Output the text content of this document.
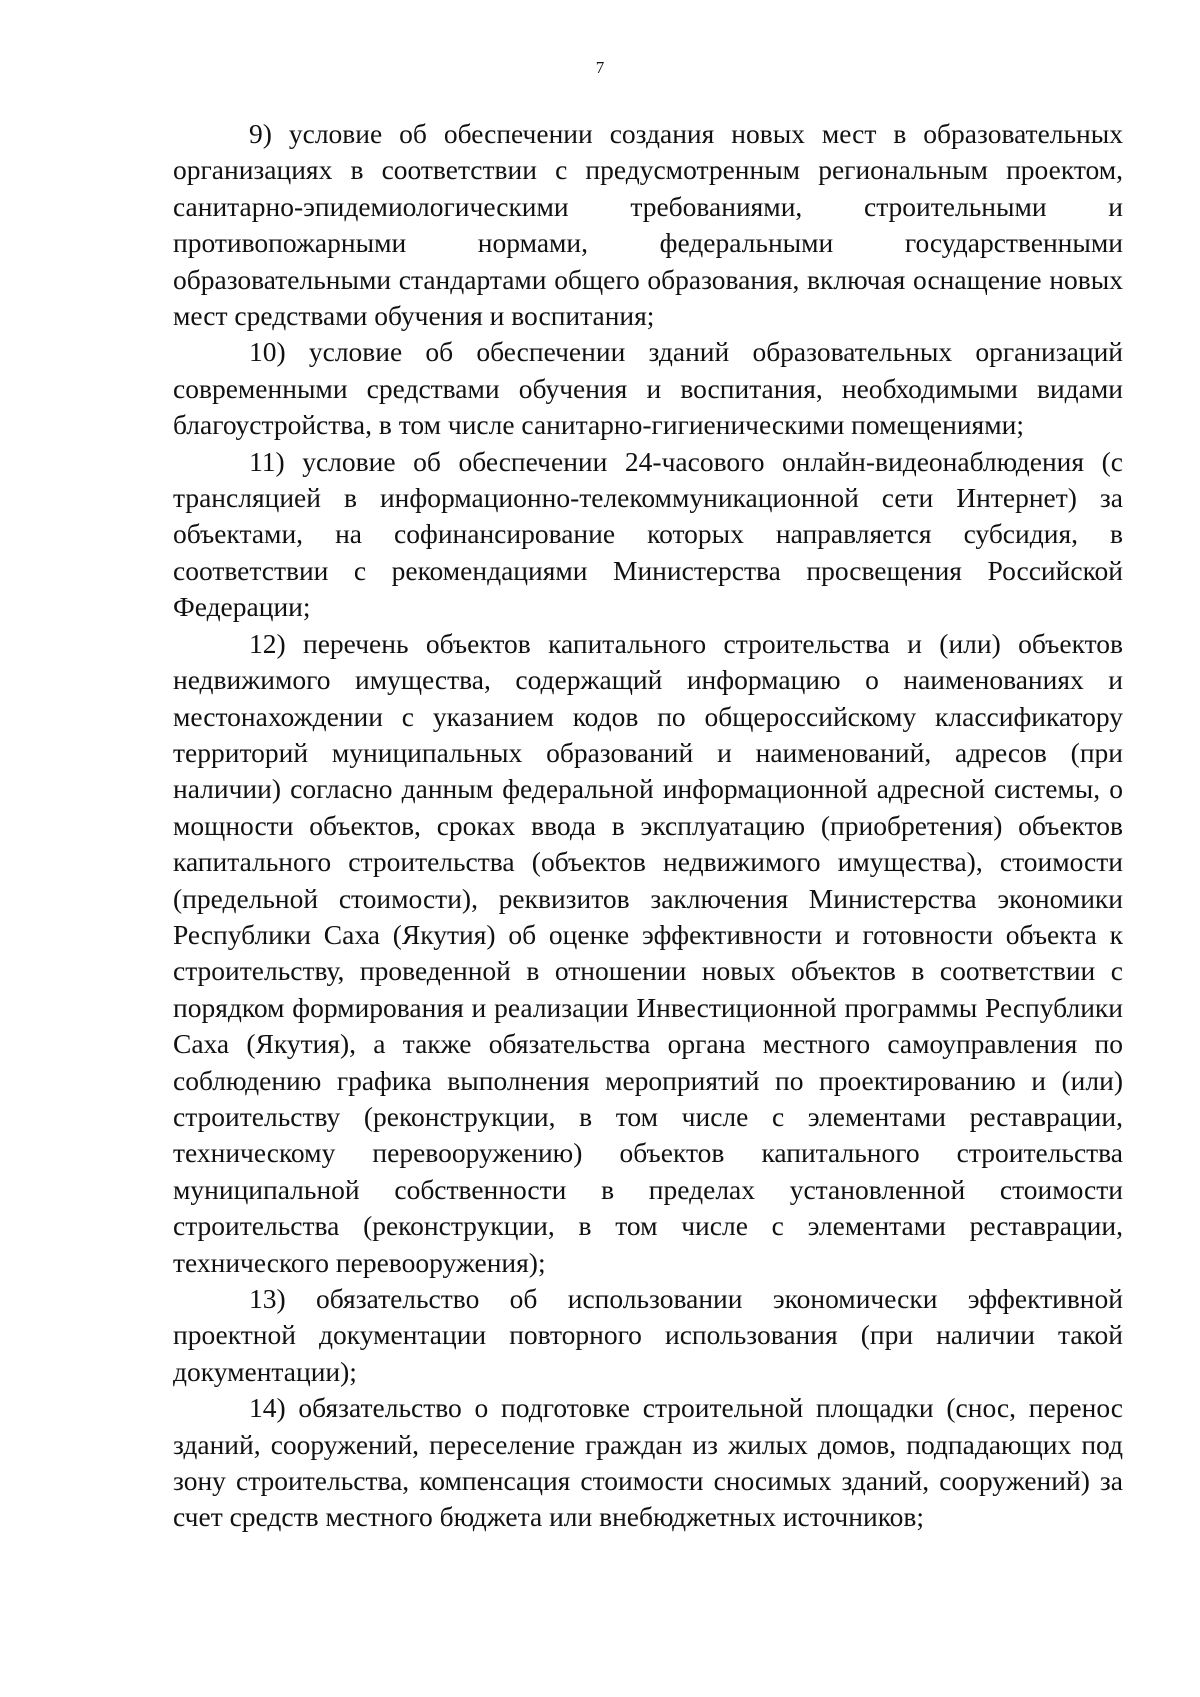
7

9) условие об обеспечении создания новых мест в образовательных организациях в соответствии с предусмотренным региональным проектом, санитарно-эпидемиологическими требованиями, строительными и противопожарными нормами, федеральными государственными образовательными стандартами общего образования, включая оснащение новых мест средствами обучения и воспитания;

10) условие об обеспечении зданий образовательных организаций современными средствами обучения и воспитания, необходимыми видами благоустройства, в том числе санитарно-гигиеническими помещениями;

11) условие об обеспечении 24-часового онлайн-видеонаблюдения (с трансляцией в информационно-телекоммуникационной сети Интернет) за объектами, на софинансирование которых направляется субсидия, в соответствии с рекомендациями Министерства просвещения Российской Федерации;

12) перечень объектов капитального строительства и (или) объектов недвижимого имущества, содержащий информацию о наименованиях и местонахождении с указанием кодов по общероссийскому классификатору территорий муниципальных образований и наименований, адресов (при наличии) согласно данным федеральной информационной адресной системы, о мощности объектов, сроках ввода в эксплуатацию (приобретения) объектов капитального строительства (объектов недвижимого имущества), стоимости (предельной стоимости), реквизитов заключения Министерства экономики Республики Саха (Якутия) об оценке эффективности и готовности объекта к строительству, проведенной в отношении новых объектов в соответствии с порядком формирования и реализации Инвестиционной программы Республики Саха (Якутия), а также обязательства органа местного самоуправления по соблюдению графика выполнения мероприятий по проектированию и (или) строительству (реконструкции, в том числе с элементами реставрации, техническому перевооружению) объектов капитального строительства муниципальной собственности в пределах установленной стоимости строительства (реконструкции, в том числе с элементами реставрации, технического перевооружения);

13) обязательство об использовании экономически эффективной проектной документации повторного использования (при наличии такой документации);

14) обязательство о подготовке строительной площадки (снос, перенос зданий, сооружений, переселение граждан из жилых домов, подпадающих под зону строительства, компенсация стоимости сносимых зданий, сооружений) за счет средств местного бюджета или внебюджетных источников;
